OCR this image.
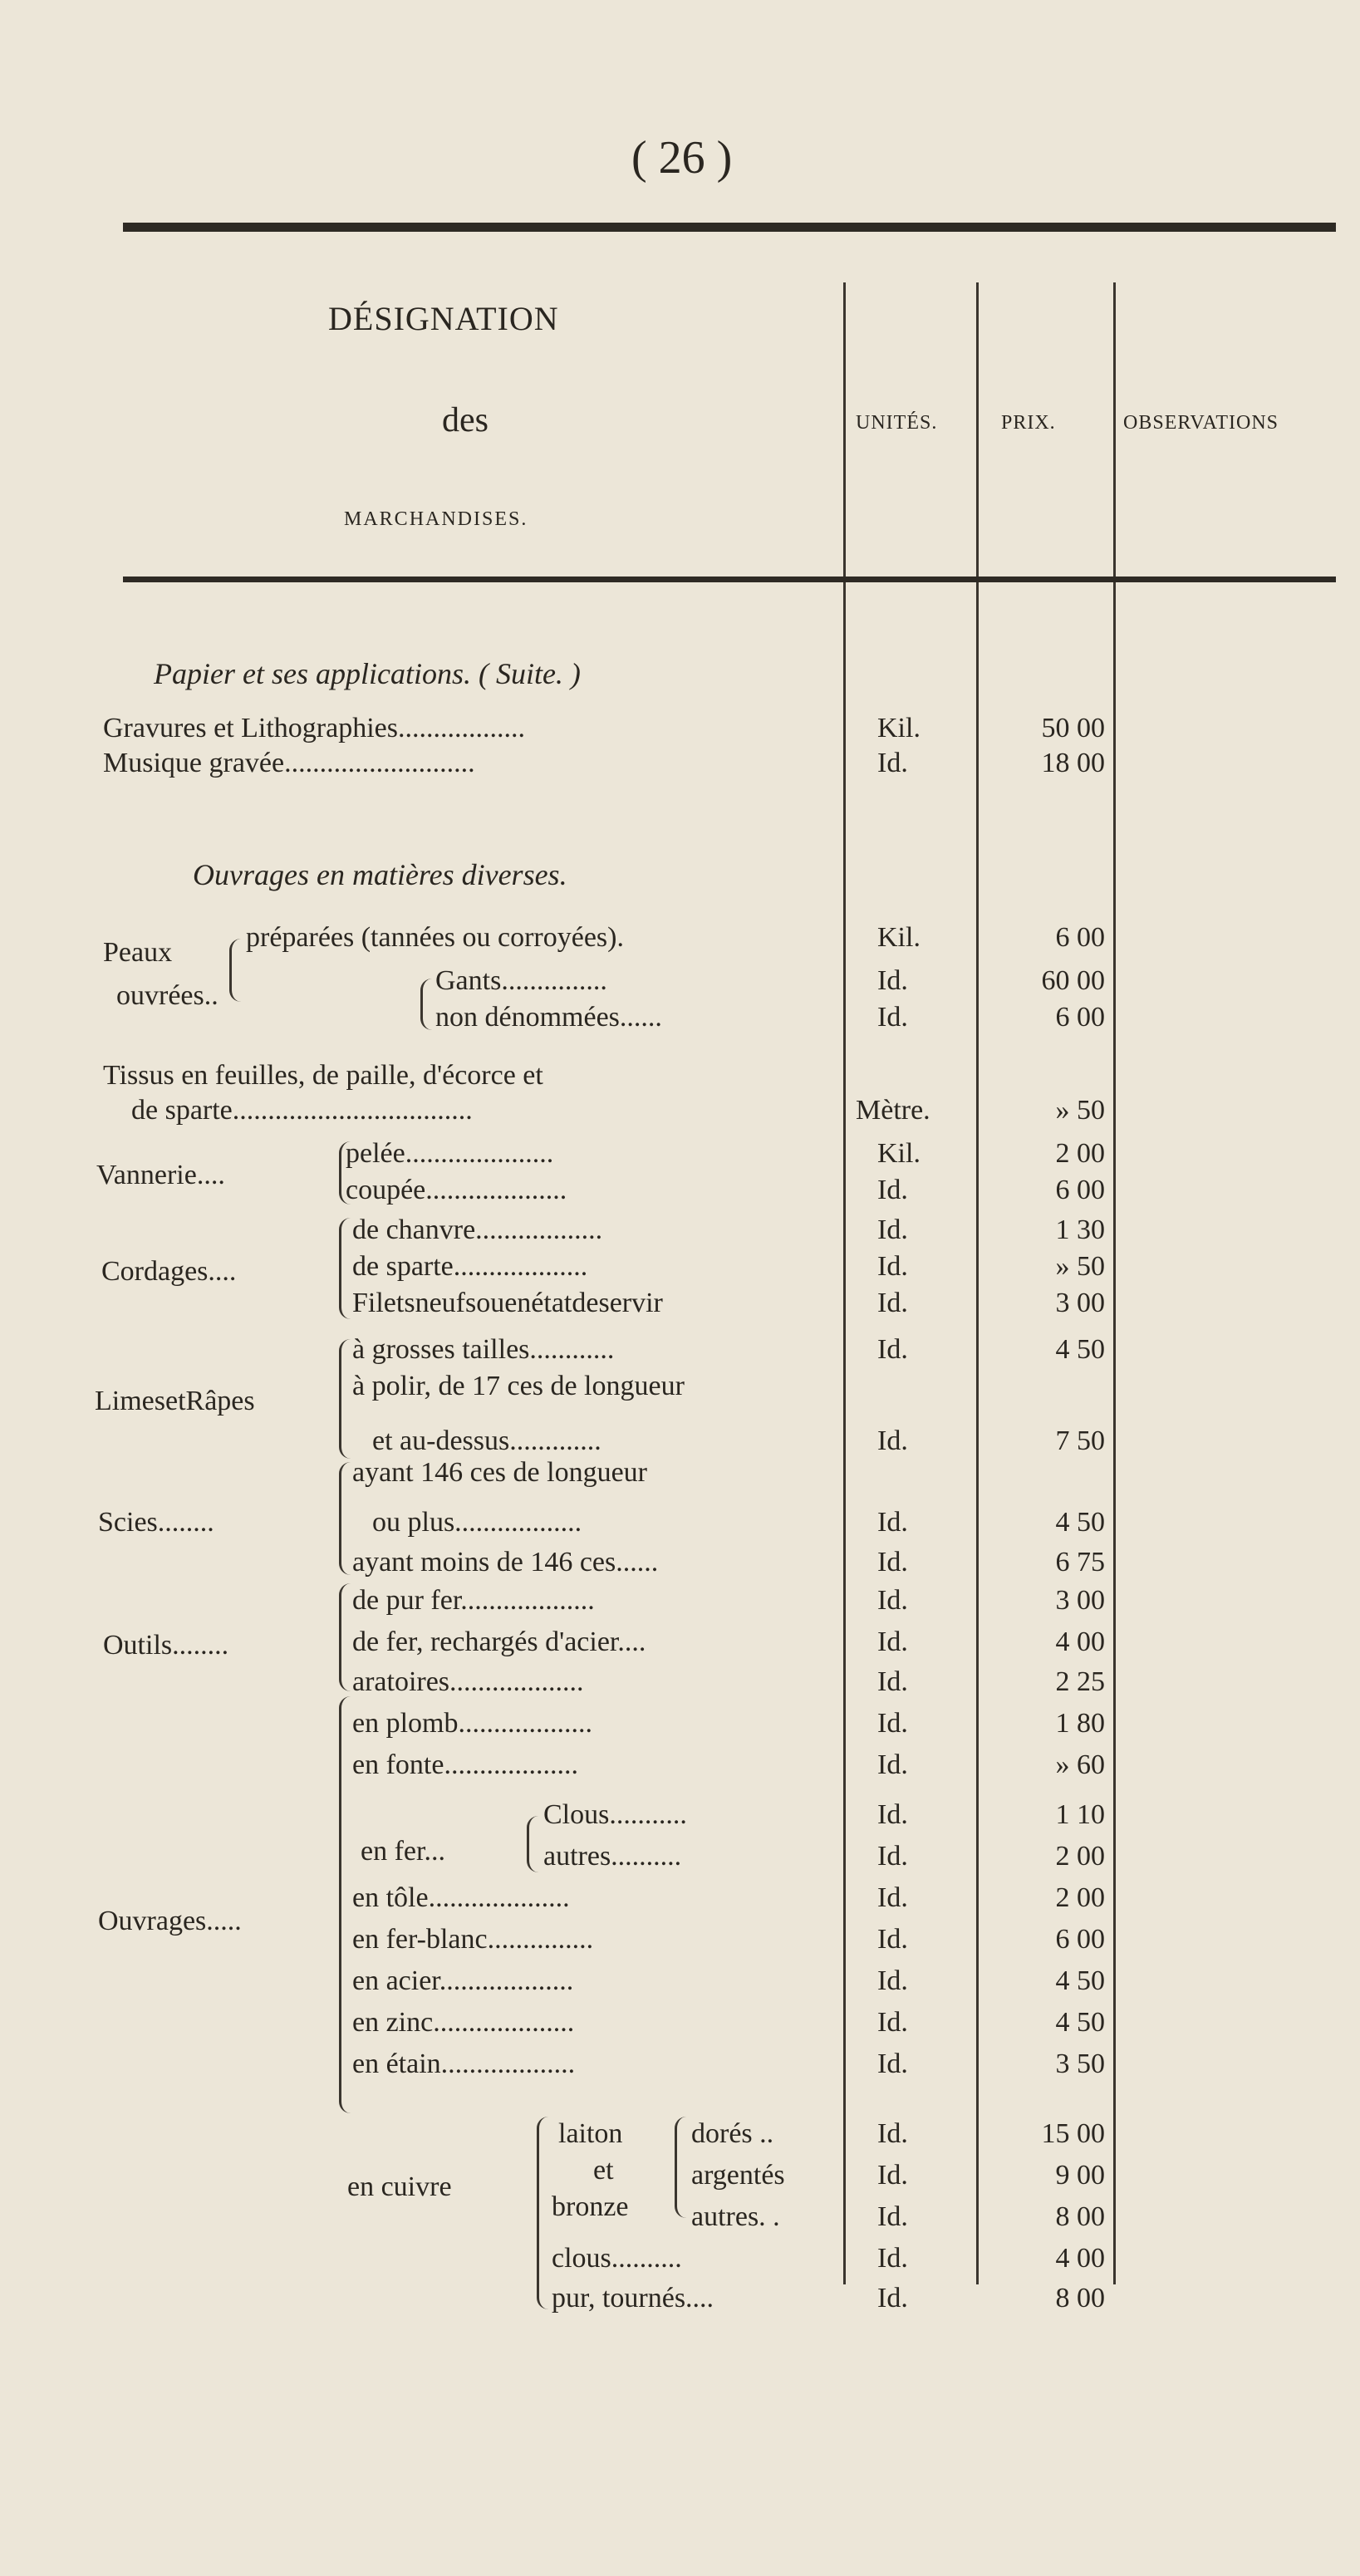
( 26 )
DÉSIGNATION
des
MARCHANDISES.
UNITÉS.	PRIX.	OBSERVATIONS
Papier et ses applications. ( Suite. )
Ouvrages en matières diverses.
Peaux
ouvrées..
Tissus en feuilles, de paille, d'écorce et
Vannerie....
Cordages....
LimesetRâpes
Scies........
Outils........
Ouvrages.....
en fer...
en cuivre
laiton
et
bronze
Gravures et Lithographies..................
Musique gravée...........................
préparées (tannées ou corroyées).
Gants...............
non dénommées......
de sparte..................................
pelée.....................
coupée....................
de chanvre..................
de sparte...................
Filetsneufsouenétatdeservir
à grosses tailles............
à polir, de 17 ces de longueur
et au-dessus.............
ayant 146 ces de longueur
ou plus..................
ayant moins de 146 ces......
de pur fer...................
de fer, rechargés d'acier....
aratoires...................
en plomb...................
en fonte...................
Clous...........
autres..........
en tôle....................
en fer-blanc...............
en acier...................
en zinc....................
en étain...................
dorés ..
argentés
autres. .
clous..........
pur, tournés....
Kil.
Id.
Kil.
Id.
Id.
Mètre.
Kil.
Id.
Id.
Id.
Id.
Id.
Id.
Id.
Id.
Id.
Id.
Id.
Id.
Id.
Id.
Id.
Id.
Id.
Id.
Id.
Id.
Id.
Id.
Id.
Id.
Id.
50 00
18 00
6 00
60 00
6 00
» 50
2 00
6 00
1 30
» 50
3 00
4 50
7 50
4 50
6 75
3 00
4 00
2 25
1 80
» 60
1 10
2 00
2 00
6 00
4 50
4 50
3 50
15 00
9 00
8 00
4 00
8 00
